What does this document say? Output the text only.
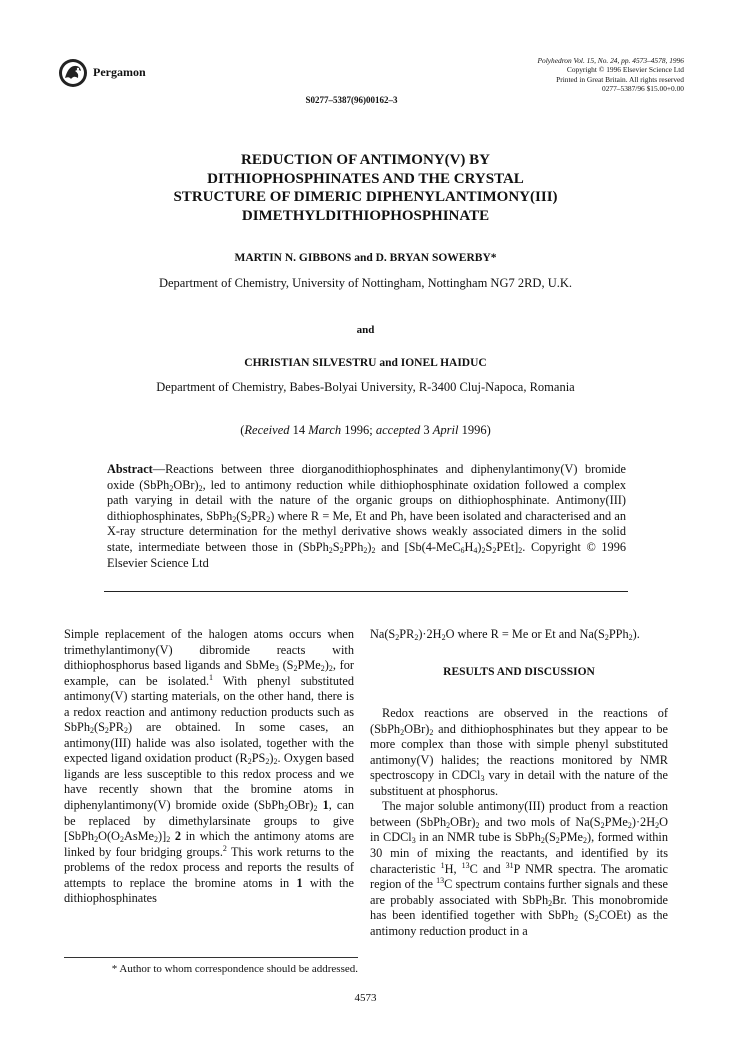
Pergamon
Polyhedron Vol. 15, No. 24, pp. 4573–4578, 1996
Copyright © 1996 Elsevier Science Ltd
Printed in Great Britain. All rights reserved
0277–5387/96 $15.00+0.00
S0277–5387(96)00162–3
REDUCTION OF ANTIMONY(V) BY
DITHIOPHOSPHINATES AND THE CRYSTAL
STRUCTURE OF DIMERIC DIPHENYLANTIMONY(III)
DIMETHYLDITHIOPHOSPHINATE
MARTIN N. GIBBONS and D. BRYAN SOWERBY*
Department of Chemistry, University of Nottingham, Nottingham NG7 2RD, U.K.
and
CHRISTIAN SILVESTRU and IONEL HAIDUC
Department of Chemistry, Babes-Bolyai University, R-3400 Cluj-Napoca, Romania
(Received 14 March 1996; accepted 3 April 1996)
Abstract—Reactions between three diorganodithiophosphinates and diphenylantimony(V) bromide oxide $(SbPh_2OBr)_2$, led to antimony reduction while dithiophosphinate oxidation followed a complex path varying in detail with the nature of the organic groups on dithiophosphinate. Antimony(III) dithiophosphinates, $SbPh_2(S_2PR_2)$ where R = Me, Et and Ph, have been isolated and characterised and an X-ray structure determination for the methyl derivative shows weakly associated dimers in the solid state, intermediate between those in $(SbPh_2S_2PPh_2)_2$ and $[Sb(4-MeC_6H_4)_2S_2PEt]_2$. Copyright © 1996 Elsevier Science Ltd
Simple replacement of the halogen atoms occurs when trimethylantimony(V) dibromide reacts with dithiophosphorus based ligands and SbMe$_3$ $(S_2PMe_2)_2$, for example, can be isolated.$^1$ With phenyl substituted antimony(V) starting materials, on the other hand, there is a redox reaction and antimony reduction products such as $SbPh_2(S_2PR_2)$ are obtained. In some cases, an antimony(III) halide was also isolated, together with the expected ligand oxidation product $(R_2PS_2)_2$. Oxygen based ligands are less susceptible to this redox process and we have recently shown that the bromine atoms in diphenylantimony(V) bromide oxide $(SbPh_2OBr)_2$ 1, can be replaced by dimethylarsinate groups to give $[SbPh_2O(O_2AsMe_2)]_2$ 2 in which the antimony atoms are linked by four bridging groups.$^2$ This work returns to the problems of the redox process and reports the results of attempts to replace the bromine atoms in 1 with the dithiophosphinates

$Na(S_2PR_2)\cdot 2H_2O$ where R = Me or Et and $Na(S_2PPh_2)$.

RESULTS AND DISCUSSION

Redox reactions are observed in the reactions of $(SbPh_2OBr)_2$ and dithiophosphinates but they appear to be more complex than those with simple phenyl substituted antimony(V) halides; the reactions monitored by NMR spectroscopy in CDCl$_3$ vary in detail with the nature of the substituent at phosphorus.

The major soluble antimony(III) product from a reaction between $(SbPh_2OBr)_2$ and two mols of $Na(S_2PMe_2)\cdot 2H_2O$ in CDCl$_3$ in an NMR tube is $SbPh_2(S_2PMe_2)$, formed within 30 min of mixing the reactants, and identified by its characteristic $^1$H, $^{13}$C and $^{31}$P NMR spectra. The aromatic region of the $^{13}$C spectrum contains further signals and these are probably associated with SbPh$_2$Br. This monobromide has been identified together with SbPh$_2$ $(S_2COEt)$ as the antimony reduction product in a

* Author to whom correspondence should be addressed.
4573
